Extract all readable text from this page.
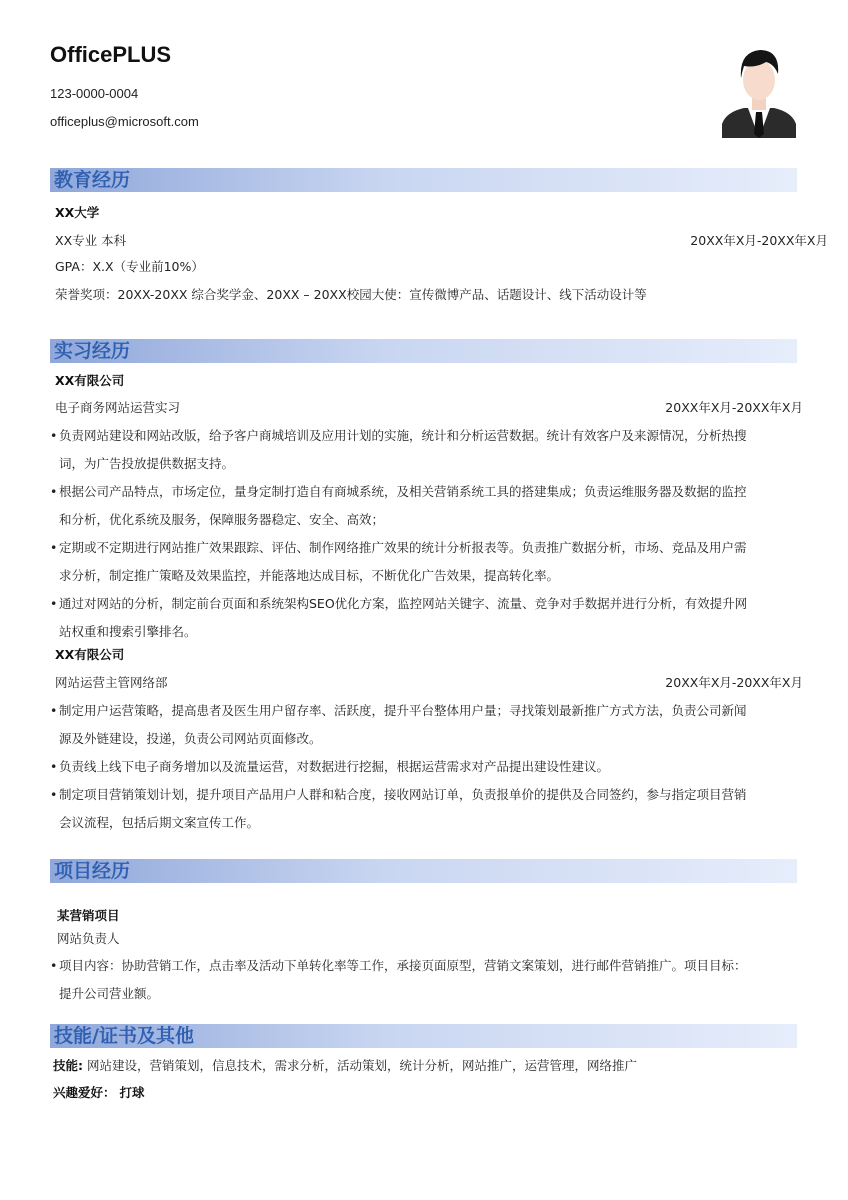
OfficePLUS
123-0000-0004
officeplus@microsoft.com
教育经历
XX大学
XX专业 本科	20XX年X月-20XX年X月
GPA：X.X（专业前10%）
荣誉奖项：20XX-20XX 综合奖学金、20XX – 20XX校园大使：宣传微博产品、话题设计、线下活动设计等
实习经历
XX有限公司
电子商务网站运营实习	20XX年X月-20XX年X月
• 负责网站建设和网站改版，给予客户商城培训及应用计划的实施，统计和分析运营数据。统计有效客户及来源情况，分析热搜
词，为广告投放提供数据支持。
• 根据公司产品特点，市场定位，量身定制打造自有商城系统，及相关营销系统工具的搭建集成；负责运维服务器及数据的监控
和分析，优化系统及服务，保障服务器稳定、安全、高效；
• 定期或不定期进行网站推广效果跟踪、评估、制作网络推广效果的统计分析报表等。负责推广数据分析，市场、竞品及用户需
求分析，制定推广策略及效果监控，并能落地达成目标，不断优化广告效果，提高转化率。
• 通过对网站的分析，制定前台页面和系统架构SEO优化方案，监控网站关键字、流量、竞争对手数据并进行分析，有效提升网
站权重和搜索引擎排名。
XX有限公司
网站运营主管网络部	20XX年X月-20XX年X月
• 制定用户运营策略，提高患者及医生用户留存率、活跃度，提升平台整体用户量；寻找策划最新推广方式方法，负责公司新闻
源及外链建设，投递，负责公司网站页面修改。
• 负责线上线下电子商务增加以及流量运营，对数据进行挖掘，根据运营需求对产品提出建设性建议。
• 制定项目营销策划计划，提升项目产品用户人群和粘合度，接收网站订单，负责报单价的提供及合同签约，参与指定项目营销
会议流程，包括后期文案宣传工作。
项目经历
某营销项目
网站负责人
• 项目内容：协助营销工作，点击率及活动下单转化率等工作，承接页面原型，营销文案策划，进行邮件营销推广。项目目标：
提升公司营业额。
技能/证书及其他
技能: 网站建设，营销策划，信息技术，需求分析，活动策划，统计分析，网站推广，运营管理，网络推广
兴趣爱好： 打球
